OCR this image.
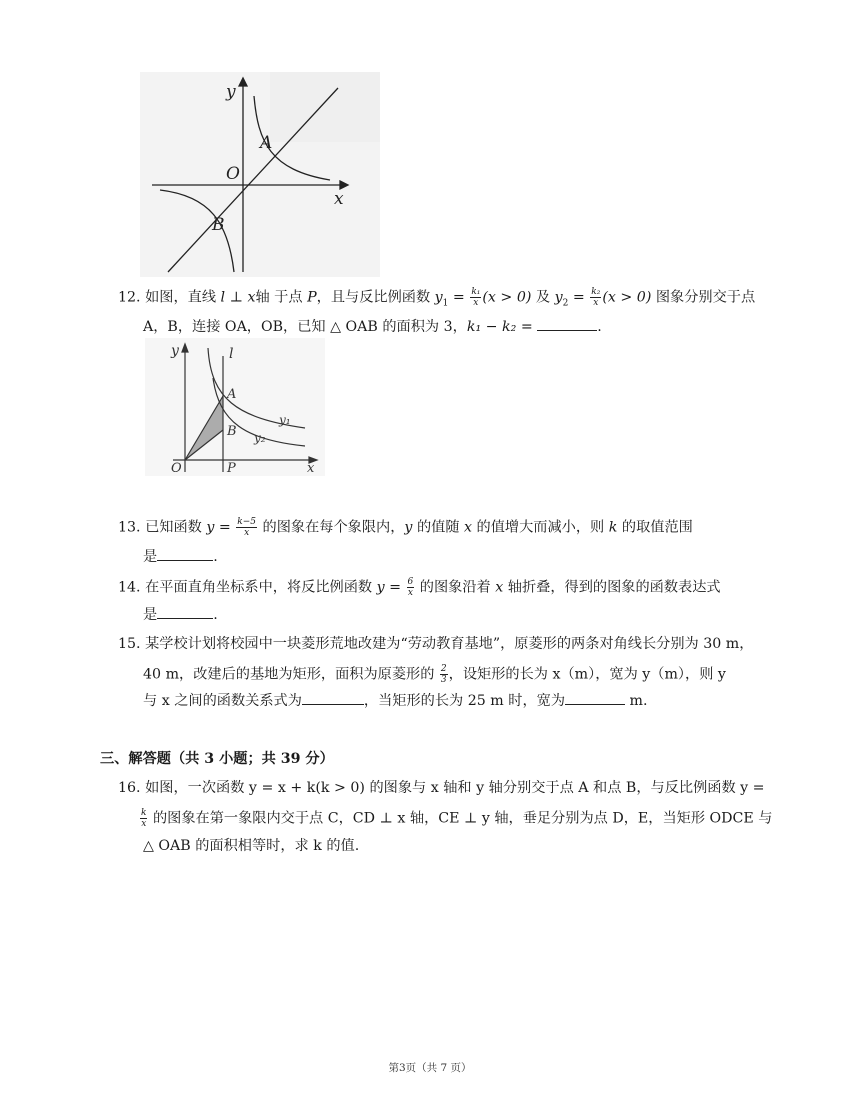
y
x
O
A
B
12. 如图，直线 l ⊥ x轴 于点 P，且与反比例函数 $y_1 = \frac{\text{k₁}}{x} (x > 0)$ 及 $y_2 = \frac{\text{k₂}}{x} (x > 0)$ 图象分别交于点
A，B，连接 OA，OB，已知 △ OAB 的面积为 3，k₁ − k₂ =	.
y	l
A
B
y₁
y₂
O	P	x
13. 已知函数 $y = \frac{k-5}{x}$ 的图象在每个象限内，y 的值随 x 的值增大而减小，则 k 的取值范围
是	.
14. 在平面直角坐标系中，将反比例函数 $y = \frac{6}{x}$ 的图象沿着 x 轴折叠，得到的图象的函数表达式
是	.
15. 某学校计划将校园中一块菱形荒地改建为“劳动教育基地”，原菱形的两条对角线长分别为 30 m，
40 m，改建后的基地为矩形，面积为原菱形的 $\frac{2}{3}$ ，设矩形的长为 x（m），宽为 y（m），则 y
与 x 之间的函数关系式为	，当矩形的长为 25 m 时，宽为	m.
三、解答题（共 3 小题；共 39 分）
16. 如图，一次函数 y = x + k(k > 0) 的图象与 x 轴和 y 轴分别交于点 A 和点 B，与反比例函数 y =
$\frac{k}{x}$ 的图象在第一象限内交于点 C，CD ⊥ x 轴，CE ⊥ y 轴，垂足分别为点 D，E，当矩形 ODCE 与
△ OAB 的面积相等时，求 k 的值.
第3页（共 7 页）
